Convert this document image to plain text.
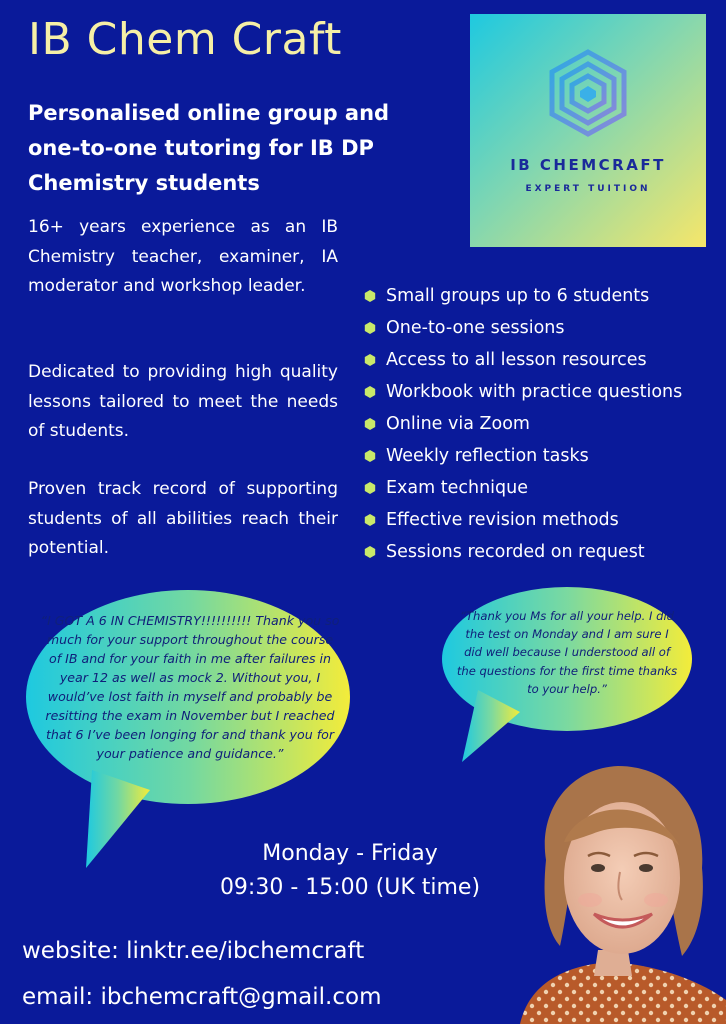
IB Chem Craft
Personalised online group and one-to-one tutoring for IB DP Chemistry students
IB CHEMCRAFT
EXPERT TUITION
16+ years experience as an IB Chemistry teacher, examiner, IA moderator and workshop leader.
Dedicated to providing high quality lessons tailored to meet the needs of students.
Proven track record of supporting students of all abilities reach their potential.
Small groups up to 6 students
One-to-one sessions
Access to all lesson resources
Workbook with practice questions
Online via Zoom
Weekly reflection tasks
Exam technique
Effective revision methods
Sessions recorded on request
“I GOT A 6 IN CHEMISTRY!!!!!!!!!! Thank you so much for your support throughout the course of IB and for your faith in me after failures in year 12 as well as mock 2. Without you, I would’ve lost faith in myself and probably be resitting the exam in November but I reached that 6 I’ve been longing for and thank you for your patience and guidance.”
“Thank you Ms for all your help. I did the test on Monday and I am sure I did well because I understood all of the questions for the first time thanks to your help.”
Monday - Friday
09:30 - 15:00 (UK time)
website: linktr.ee/ibchemcraft
email: ibchemcraft@gmail.com
